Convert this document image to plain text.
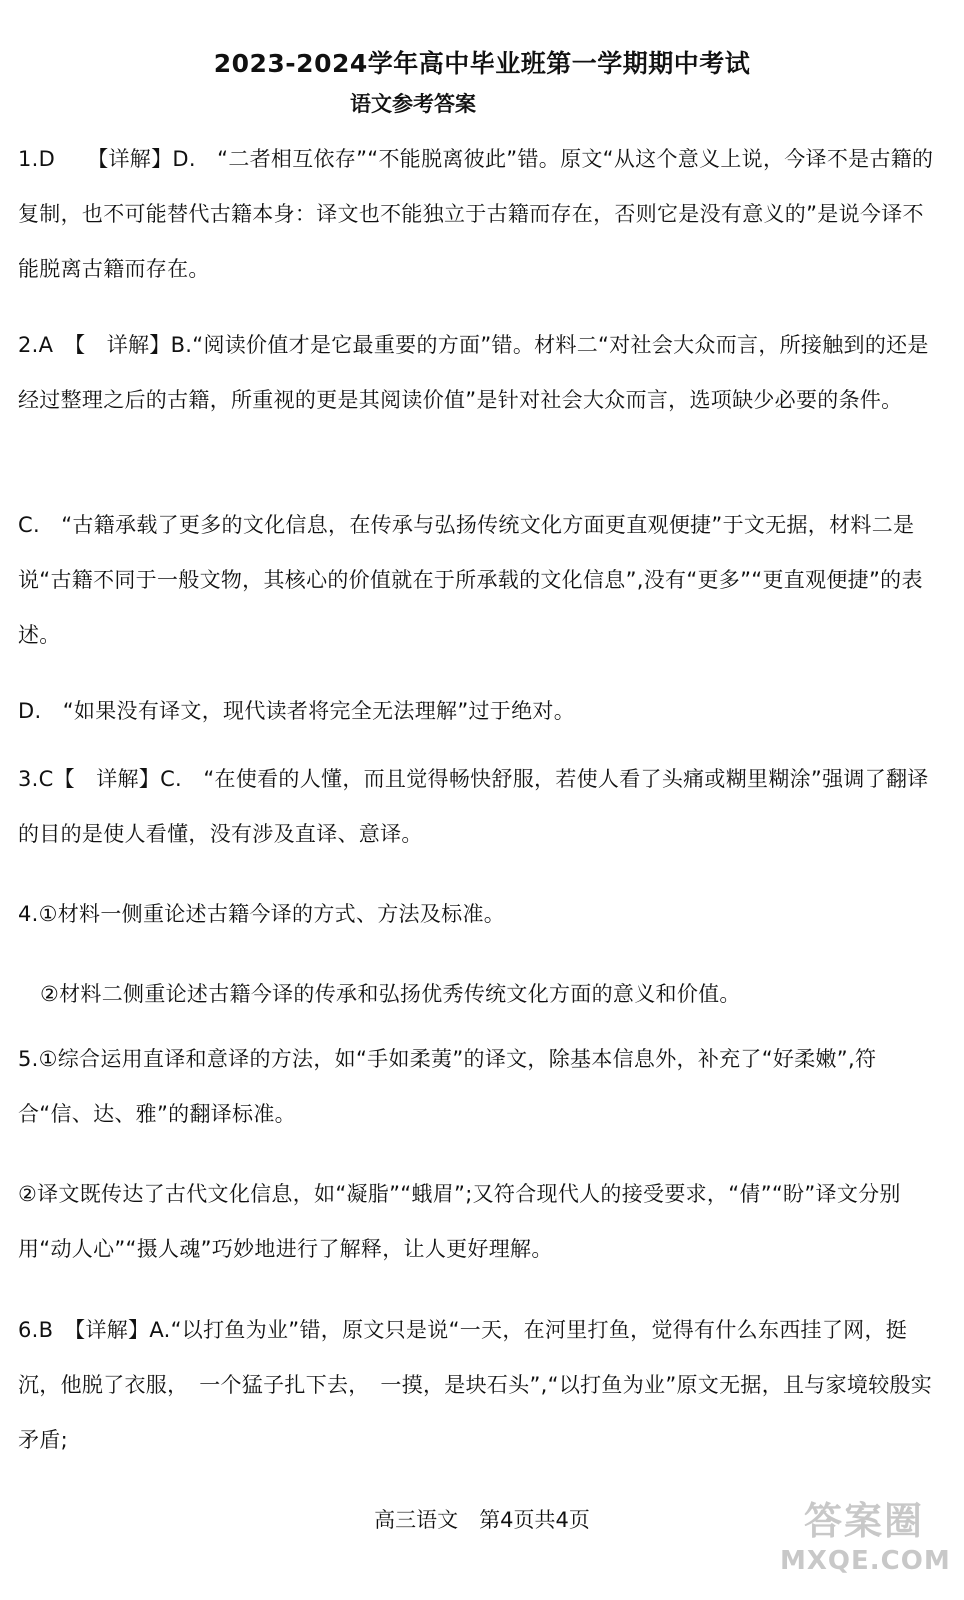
2023-2024学年高中毕业班第一学期期中考试
语文参考答案
1.D　　【详解】D.　“二者相互依存”“不能脱离彼此”错。原文“从这个意义上说，今译不是古籍的复制，也不可能替代古籍本身：译文也不能独立于古籍而存在，否则它是没有意义的”是说今译不能脱离古籍而存在。
2.A　【　详解】B.“阅读价值才是它最重要的方面”错。材料二“对社会大众而言，所接触到的还是经过整理之后的古籍，所重视的更是其阅读价值”是针对社会大众而言，选项缺少必要的条件。
C.　“古籍承载了更多的文化信息，在传承与弘扬传统文化方面更直观便捷”于文无据，材料二是说“古籍不同于一般文物，其核心的价值就在于所承载的文化信息”,没有“更多”“更直观便捷”的表述。
D.　“如果没有译文，现代读者将完全无法理解”过于绝对。
3.C【　详解】C.　“在使看的人懂，而且觉得畅快舒服，若使人看了头痛或糊里糊涂”强调了翻译的目的是使人看懂，没有涉及直译、意译。
4.①材料一侧重论述古籍今译的方式、方法及标准。
②材料二侧重论述古籍今译的传承和弘扬优秀传统文化方面的意义和价值。
5.①综合运用直译和意译的方法，如“手如柔荑”的译文，除基本信息外，补充了“好柔嫩”,符合“信、达、雅”的翻译标准。
②译文既传达了古代文化信息，如“凝脂”“蛾眉”;又符合现代人的接受要求，“倩”“盼”译文分别用“动人心”“摄人魂”巧妙地进行了解释，让人更好理解。
6.B　【详解】A.“以打鱼为业”错，原文只是说“一天，在河里打鱼，觉得有什么东西挂了网，挺沉，他脱了衣服，　一个猛子扎下去，　一摸，是块石头”,“以打鱼为业”原文无据，且与家境较殷实矛盾;
高三语文　第4页共4页	答案圈
MXQE.COM
